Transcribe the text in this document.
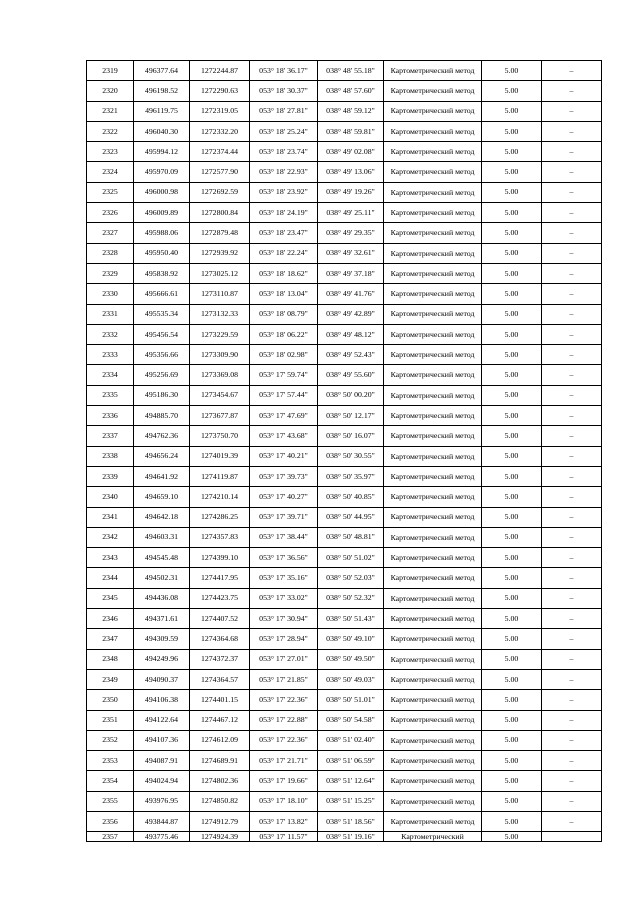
2319	496377.64	1272244.87	053° 18' 36.17"	038° 48' 55.18"	Картометрический метод	5.00	–
2320	496198.52	1272290.63	053° 18' 30.37"	038° 48' 57.60"	Картометрический метод	5.00	–
2321	496119.75	1272319.05	053° 18' 27.81"	038° 48' 59.12"	Картометрический метод	5.00	–
2322	496040.30	1272332.20	053° 18' 25.24"	038° 48' 59.81"	Картометрический метод	5.00	–
2323	495994.12	1272374.44	053° 18' 23.74"	038° 49' 02.08"	Картометрический метод	5.00	–
2324	495970.09	1272577.90	053° 18' 22.93"	038° 49' 13.06"	Картометрический метод	5.00	–
2325	496000.98	1272692.59	053° 18' 23.92"	038° 49' 19.26"	Картометрический метод	5.00	–
2326	496009.89	1272800.84	053° 18' 24.19"	038° 49' 25.11"	Картометрический метод	5.00	–
2327	495988.06	1272879.48	053° 18' 23.47"	038° 49' 29.35"	Картометрический метод	5.00	–
2328	495950.40	1272939.92	053° 18' 22.24"	038° 49' 32.61"	Картометрический метод	5.00	–
2329	495838.92	1273025.12	053° 18' 18.62"	038° 49' 37.18"	Картометрический метод	5.00	–
2330	495666.61	1273110.87	053° 18' 13.04"	038° 49' 41.76"	Картометрический метод	5.00	–
2331	495535.34	1273132.33	053° 18' 08.79"	038° 49' 42.89"	Картометрический метод	5.00	–
2332	495456.54	1273229.59	053° 18' 06.22"	038° 49' 48.12"	Картометрический метод	5.00	–
2333	495356.66	1273309.90	053° 18' 02.98"	038° 49' 52.43"	Картометрический метод	5.00	–
2334	495256.69	1273369.08	053° 17' 59.74"	038° 49' 55.60"	Картометрический метод	5.00	–
2335	495186.30	1273454.67	053° 17' 57.44"	038° 50' 00.20"	Картометрический метод	5.00	–
2336	494885.70	1273677.87	053° 17' 47.69"	038° 50' 12.17"	Картометрический метод	5.00	–
2337	494762.36	1273750.70	053° 17' 43.68"	038° 50' 16.07"	Картометрический метод	5.00	–
2338	494656.24	1274019.39	053° 17' 40.21"	038° 50' 30.55"	Картометрический метод	5.00	–
2339	494641.92	1274119.87	053° 17' 39.73"	038° 50' 35.97"	Картометрический метод	5.00	–
2340	494659.10	1274210.14	053° 17' 40.27"	038° 50' 40.85"	Картометрический метод	5.00	–
2341	494642.18	1274286.25	053° 17' 39.71"	038° 50' 44.95"	Картометрический метод	5.00	–
2342	494603.31	1274357.83	053° 17' 38.44"	038° 50' 48.81"	Картометрический метод	5.00	–
2343	494545.48	1274399.10	053° 17' 36.56"	038° 50' 51.02"	Картометрический метод	5.00	–
2344	494502.31	1274417.95	053° 17' 35.16"	038° 50' 52.03"	Картометрический метод	5.00	–
2345	494436.08	1274423.75	053° 17' 33.02"	038° 50' 52.32"	Картометрический метод	5.00	–
2346	494371.61	1274407.52	053° 17' 30.94"	038° 50' 51.43"	Картометрический метод	5.00	–
2347	494309.59	1274364.68	053° 17' 28.94"	038° 50' 49.10"	Картометрический метод	5.00	–
2348	494249.96	1274372.37	053° 17' 27.01"	038° 50' 49.50"	Картометрический метод	5.00	–
2349	494090.37	1274364.57	053° 17' 21.85"	038° 50' 49.03"	Картометрический метод	5.00	–
2350	494106.38	1274401.15	053° 17' 22.36"	038° 50' 51.01"	Картометрический метод	5.00	–
2351	494122.64	1274467.12	053° 17' 22.88"	038° 50' 54.58"	Картометрический метод	5.00	–
2352	494107.36	1274612.09	053° 17' 22.36"	038° 51' 02.40"	Картометрический метод	5.00	–
2353	494087.91	1274689.91	053° 17' 21.71"	038° 51' 06.59"	Картометрический метод	5.00	–
2354	494024.94	1274802.36	053° 17' 19.66"	038° 51' 12.64"	Картометрический метод	5.00	–
2355	493976.95	1274850.82	053° 17' 18.10"	038° 51' 15.25"	Картометрический метод	5.00	–
2356	493844.87	1274912.79	053° 17' 13.82"	038° 51' 18.56"	Картометрический метод	5.00	–
2357	493775.46	1274924.39	053° 17' 11.57"	038° 51' 19.16"	Картометрический	5.00	
